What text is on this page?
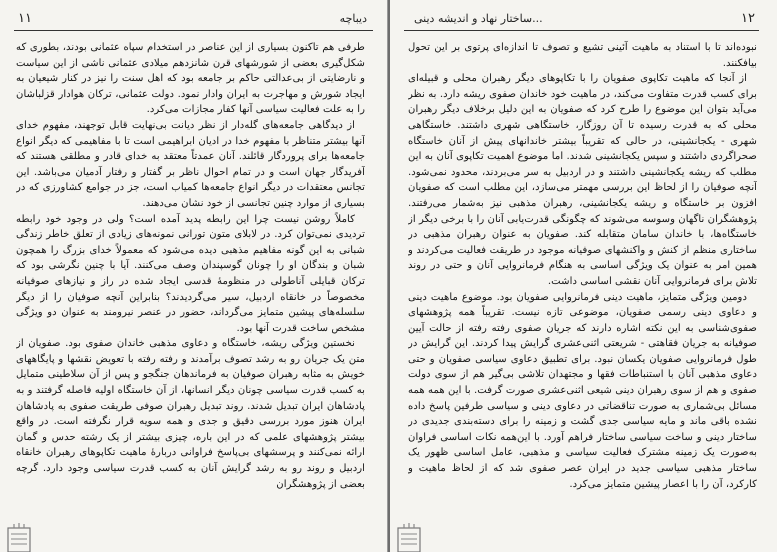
۱۱	دیباچه

طرفی هم تاکنون بسیاری از این عناصر در استخدام سپاه عثمانی بودند، بطوری که شکل‌گیری بعضی از شورشهای قرن شانزدهم میلادی عثمانی ناشی از این سیاست و نارضایتی از بی‌عدالتی حاکم بر جامعه بود که اهل سنت را نیز در کنار شیعیان به ایجاد شورش و مهاجرت به ایران وادار نمود. دولت عثمانی، ترکان هوادار قزلباشان را به علت فعالیت سیاسی آنها کفار مجازات می‌کرد.

از دیدگاهی جامعه‌های گله‌دار از نظر دیانت بی‌نهایت قابل توجهند، مفهوم خدای آنها بیشتر متناظر با مفهوم خدا در ادیان ابراهیمی است تا با مفاهیمی که دیگر انواع جامعه‌ها برای پروردگار قائلند. آنان عمدتاً معتقد به خدای قادر و مطلقی هستند که آفریدگار جهان است و در تمام احوال ناظر بر گفتار و رفتار آدمیان می‌باشد. این تجانس معتقدات در دیگر انواع جامعه‌ها کمیاب است، جز در جوامع کشاورزی که در بسیاری از موارد چنین تجانسی از خود نشان می‌دهند.

کاملاً روشن نیست چرا این رابطه پدید آمده است؟ ولی در وجود خود رابطه تردیدی نمی‌توان کرد. در لابلای متون تورانی نمونه‌های زیادی از تعلق خاطر زندگی شبانی به این گونه مفاهیم مذهبی دیده می‌شود که معمولاً خدای بزرگ را همچون شبان و بندگان او را چونان گوسپندان وصف می‌کنند. آیا با چنین نگرشی بود که ترکان قبایلی آناطولی در منظومهٔ قدسی ایجاد شده در راز و نیازهای صوفیانه مخصوصاً در خانقاه اردبیل، سیر می‌گردیدند؟ بنابراین آنچه صوفیان را از دیگر سلسله‌های پیشین متمایز می‌گرداند، حضور در عنصر نیرومند به عنوان دو ویژگی مشخص ساخت قدرت آنها بود.

نخستین ویژگی ریشه، خاستگاه و دعاوی مذهبی خاندان صفوی بود. صفویان از متن یک جریان رو به رشد تصوف برآمدند و رفته رفته با تعویض نقشها و پایگاههای خویش به مثابه رهبران صوفیان به فرماندهان جنگجو و پس از آن سلاطینی متمایل به کسب قدرت سیاسی چونان دیگر انسانها، از آن خاستگاه اولیه فاصله گرفتند و به پادشاهان ایران تبدیل شدند. روند تبدیل رهبران صوفی طریقت صفوی به پادشاهان ایران هنوز مورد بررسی دقیق و جدی و همه سویه قرار نگرفته است. در واقع بیشتر پژوهشهای علمی که در این باره، چیزی بیشتر از یک رشته حدس و گمان ارائه نمی‌کنند و پرسشهای بی‌پاسخ فراوانی دربارهٔ ماهیت تکاپوهای رهبران خانقاه اردبیل و روند رو به رشد گرایش آنان به کسب قدرت سیاسی وجود دارد. گرچه بعضی از پژوهشگران

ساختار نهاد و اندیشه دینی...	۱۲

نبوده‌اند تا با استناد به ماهیت آئینی تشیع و تصوف تا اندازه‌ای پرتوی بر این تحول بیافکنند.

از آنجا که ماهیت تکاپوی صفویان را با تکاپوهای دیگر رهبران محلی و قبیله‌ای برای کسب قدرت متفاوت می‌کند، در ماهیت خود خاندان صفوی ریشه دارد. به نظر می‌آید بتوان این موضوع را طرح کرد که صفویان به این دلیل برخلاف دیگر رهبران محلی که به قدرت رسیده تا آن روزگار، خاستگاهی شهری داشتند. خاستگاهی شهری - یکجانشینی، در حالی که تقریباً بیشتر خاندانهای پیش از آنان خاستگاه صحراگردی داشتند و سپس یکجانشینی شدند. اما موضوع اهمیت تکاپوی آنان به این مطلب که ریشه یکجانشینی داشتند و در اردبیل به سر می‌بردند، محدود نمی‌شود. آنچه صوفیان را از لحاظ این بررسی مهمتر می‌سازد، این مطلب است که صفویان افزون بر خاستگاه و ریشه یکجانشینی، رهبران مذهبی نیز به‌شمار می‌رفتند. پژوهشگران ناگهان وسوسه می‌شوند که چگونگی قدرت‌یابی آنان را با برخی دیگر از خاستگاه‌ها، با خاندان سامان متقابله کند. صفویان به عنوان رهبران مذهبی در ساختاری منظم از کنش و واکنشهای صوفیانه موجود در طریقت فعالیت می‌کردند و همین امر به عنوان یک ویژگی اساسی به هنگام فرمانروایی آنان و حتی در روند تلاش برای فرمانروایی آنان نقشی اساسی داشت.

دومین ویژگی متمایز، ماهیت دینی فرمانروایی صفویان بود. موضوع ماهیت دینی و دعاوی دینی رسمی صفویان، موضوعی تازه نیست. تقریباً همه پژوهشهای صفوی‌شناسی به این نکته اشاره دارند که جریان صفوی رفته رفته از حالت آیین صوفیانه به جریان فقاهتی - شریعتی اثنی‌عشری گرایش پیدا کردند. این گرایش در طول فرمانروایی صفویان یکسان نبود. برای تطبیق دعاوی سیاسی صفویان و حتی دعاوی مذهبی آنان با استنباطات فقها و مجتهدان تلاشی بی‌گیر هم از سوی دولت صفوی و هم از سوی رهبران دینی شیعی اثنی‌عشری صورت گرفت. با این همه همه مسائل بی‌شماری به صورت تناقضاتی در دعاوی دینی و سیاسی طرفین پاسخ داده نشده باقی ماند و مایه سیاسی جدی گشت و زمینه را برای دسته‌بندی جدیدی در ساختار دینی و ساخت سیاسی ساختار فراهم آورد. با این‌همه نکات اساسی فراوان به‌صورت یک زمینه مشترک فعالیت سیاسی و مذهبی، عامل اساسی ظهور یک ساختار مذهبی سیاسی جدید در ایران عصر صفوی شد که از لحاظ ماهیت و کارکرد، آن را با اعصار پیشین متمایز می‌کرد.
